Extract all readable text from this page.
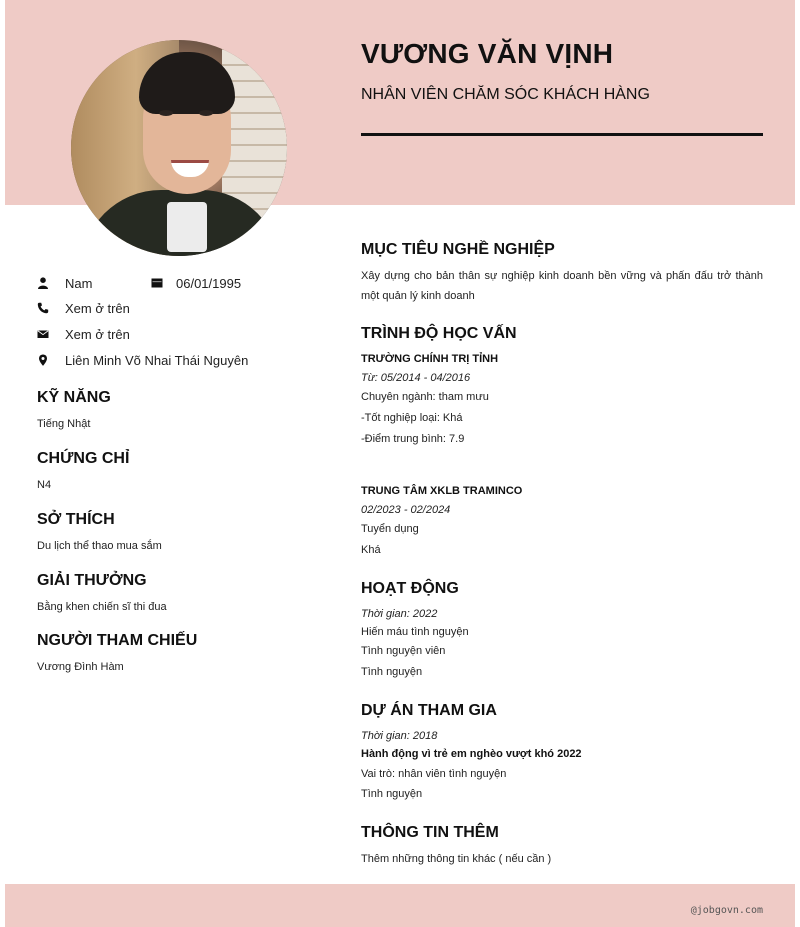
VƯƠNG VĂN VỊNH
NHÂN VIÊN CHĂM SÓC KHÁCH HÀNG
Nam	06/01/1995
Xem ở trên
Xem ở trên
Liên Minh Võ Nhai Thái Nguyên
KỸ NĂNG
Tiếng Nhật
CHỨNG CHỈ
N4
SỞ THÍCH
Du lịch thể thao mua sắm
GIẢI THƯỞNG
Bằng khen chiến sĩ thi đua
NGƯỜI THAM CHIẾU
Vương Đình Hàm
MỤC TIÊU NGHỀ NGHIỆP
Xây dựng cho bản thân sự nghiệp kinh doanh bền vững và phấn đấu trở thành một quản lý kinh doanh
TRÌNH ĐỘ HỌC VẤN
TRƯỜNG CHÍNH TRỊ TỈNH
Từ: 05/2014 - 04/2016
Chuyên ngành: tham mưu
-Tốt nghiệp loại: Khá
-Điểm trung bình: 7.9
TRUNG TÂM XKLB TRAMINCO
02/2023 - 02/2024
Tuyển dụng
Khá
HOẠT ĐỘNG
Thời gian: 2022
Hiến máu tình nguyện
Tình nguyện viên
Tình nguyện
DỰ ÁN THAM GIA
Thời gian: 2018
Hành động vì trẻ em nghèo vượt khó 2022
Vai trò: nhân viên tình nguyện
Tình nguyện
THÔNG TIN THÊM
Thêm những thông tin khác ( nếu cần )
@jobgovn.com
